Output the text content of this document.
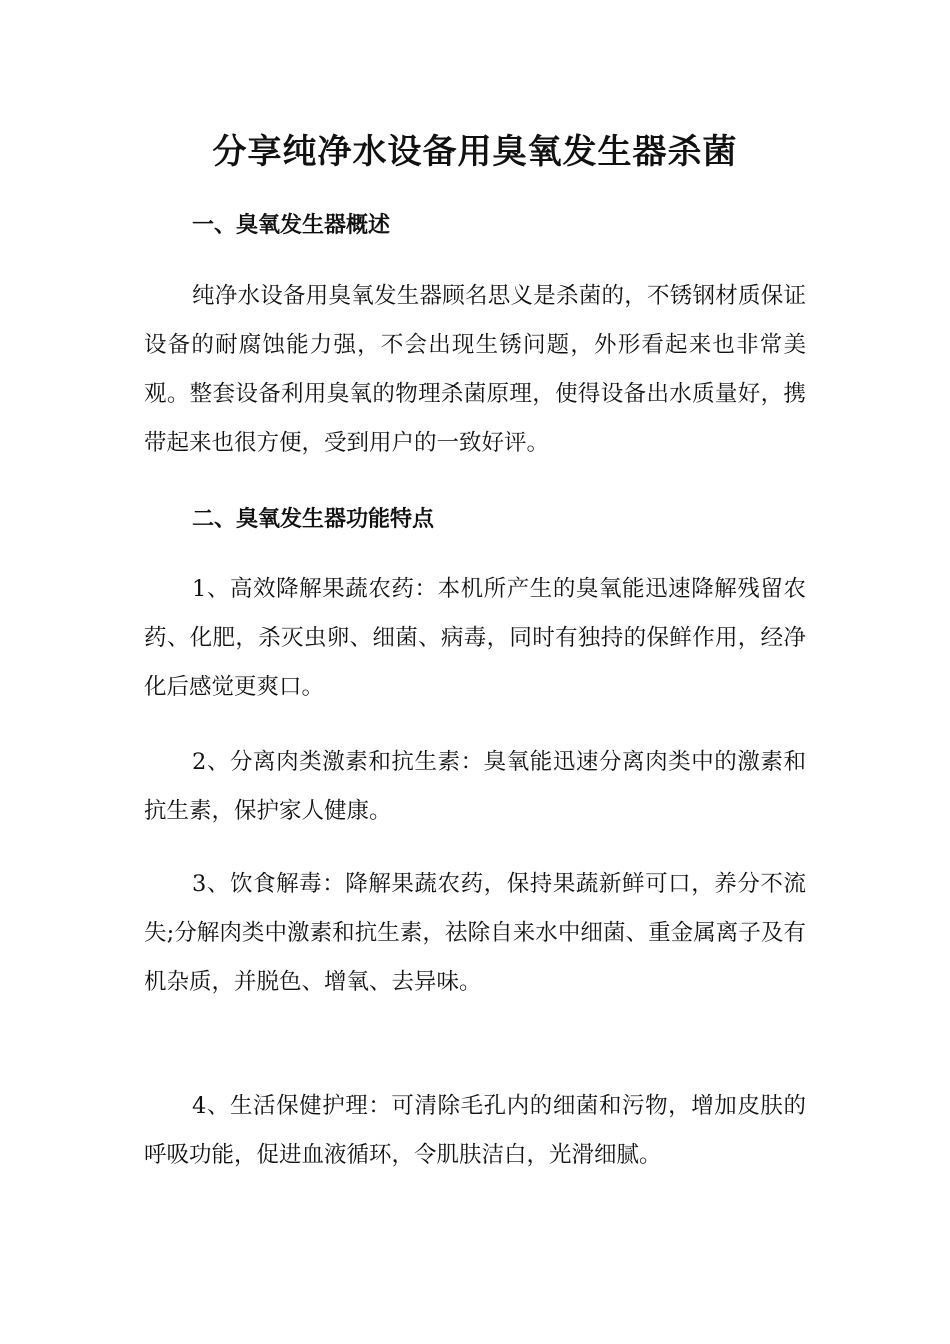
分享纯净水设备用臭氧发生器杀菌
一、臭氧发生器概述
纯净水设备用臭氧发生器顾名思义是杀菌的，不锈钢材质保证设备的耐腐蚀能力强，不会出现生锈问题，外形看起来也非常美观。整套设备利用臭氧的物理杀菌原理，使得设备出水质量好，携带起来也很方便，受到用户的一致好评。
二、臭氧发生器功能特点
1、高效降解果蔬农药：本机所产生的臭氧能迅速降解残留农药、化肥，杀灭虫卵、细菌、病毒，同时有独持的保鲜作用，经净化后感觉更爽口。
2、分离肉类激素和抗生素：臭氧能迅速分离肉类中的激素和抗生素，保护家人健康。
3、饮食解毒：降解果蔬农药，保持果蔬新鲜可口，养分不流失;分解肉类中激素和抗生素，祛除自来水中细菌、重金属离子及有机杂质，并脱色、增氧、去异味。
4、生活保健护理：可清除毛孔内的细菌和污物，增加皮肤的呼吸功能，促进血液循环，令肌肤洁白，光滑细腻。
